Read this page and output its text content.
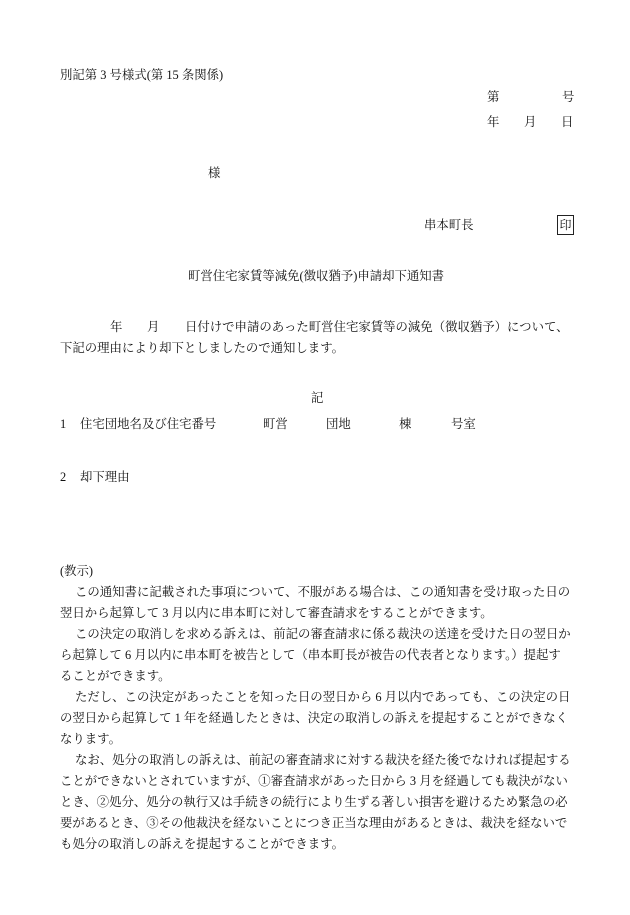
別記第 3 号様式(第 15 条関係)
第	号
年 月 日
様
串本町長	印
町営住宅家賃等減免(徴収猶予)申請却下通知書
年 月 日付けで申請のあった町営住宅家賃等の減免（徴収猶予）について、
下記の理由により却下としましたので通知します。
記
1 住宅団地名及び住宅番号	町営	団地	棟	号室
2 却下理由
(教示)
この通知書に記載された事項について、不服がある場合は、この通知書を受け取った日の
翌日から起算して 3 月以内に串本町に対して審査請求をすることができます。
この決定の取消しを求める訴えは、前記の審査請求に係る裁決の送達を受けた日の翌日か
ら起算して 6 月以内に串本町を被告として（串本町長が被告の代表者となります。）提起す
ることができます。
ただし、この決定があったことを知った日の翌日から 6 月以内であっても、この決定の日
の翌日から起算して 1 年を経過したときは、決定の取消しの訴えを提起することができなく
なります。
なお、処分の取消しの訴えは、前記の審査請求に対する裁決を経た後でなければ提起する
ことができないとされていますが、①審査請求があった日から 3 月を経過しても裁決がない
とき、②処分、処分の執行又は手続きの続行により生ずる著しい損害を避けるため緊急の必
要があるとき、③その他裁決を経ないことにつき正当な理由があるときは、裁決を経ないで
も処分の取消しの訴えを提起することができます。
